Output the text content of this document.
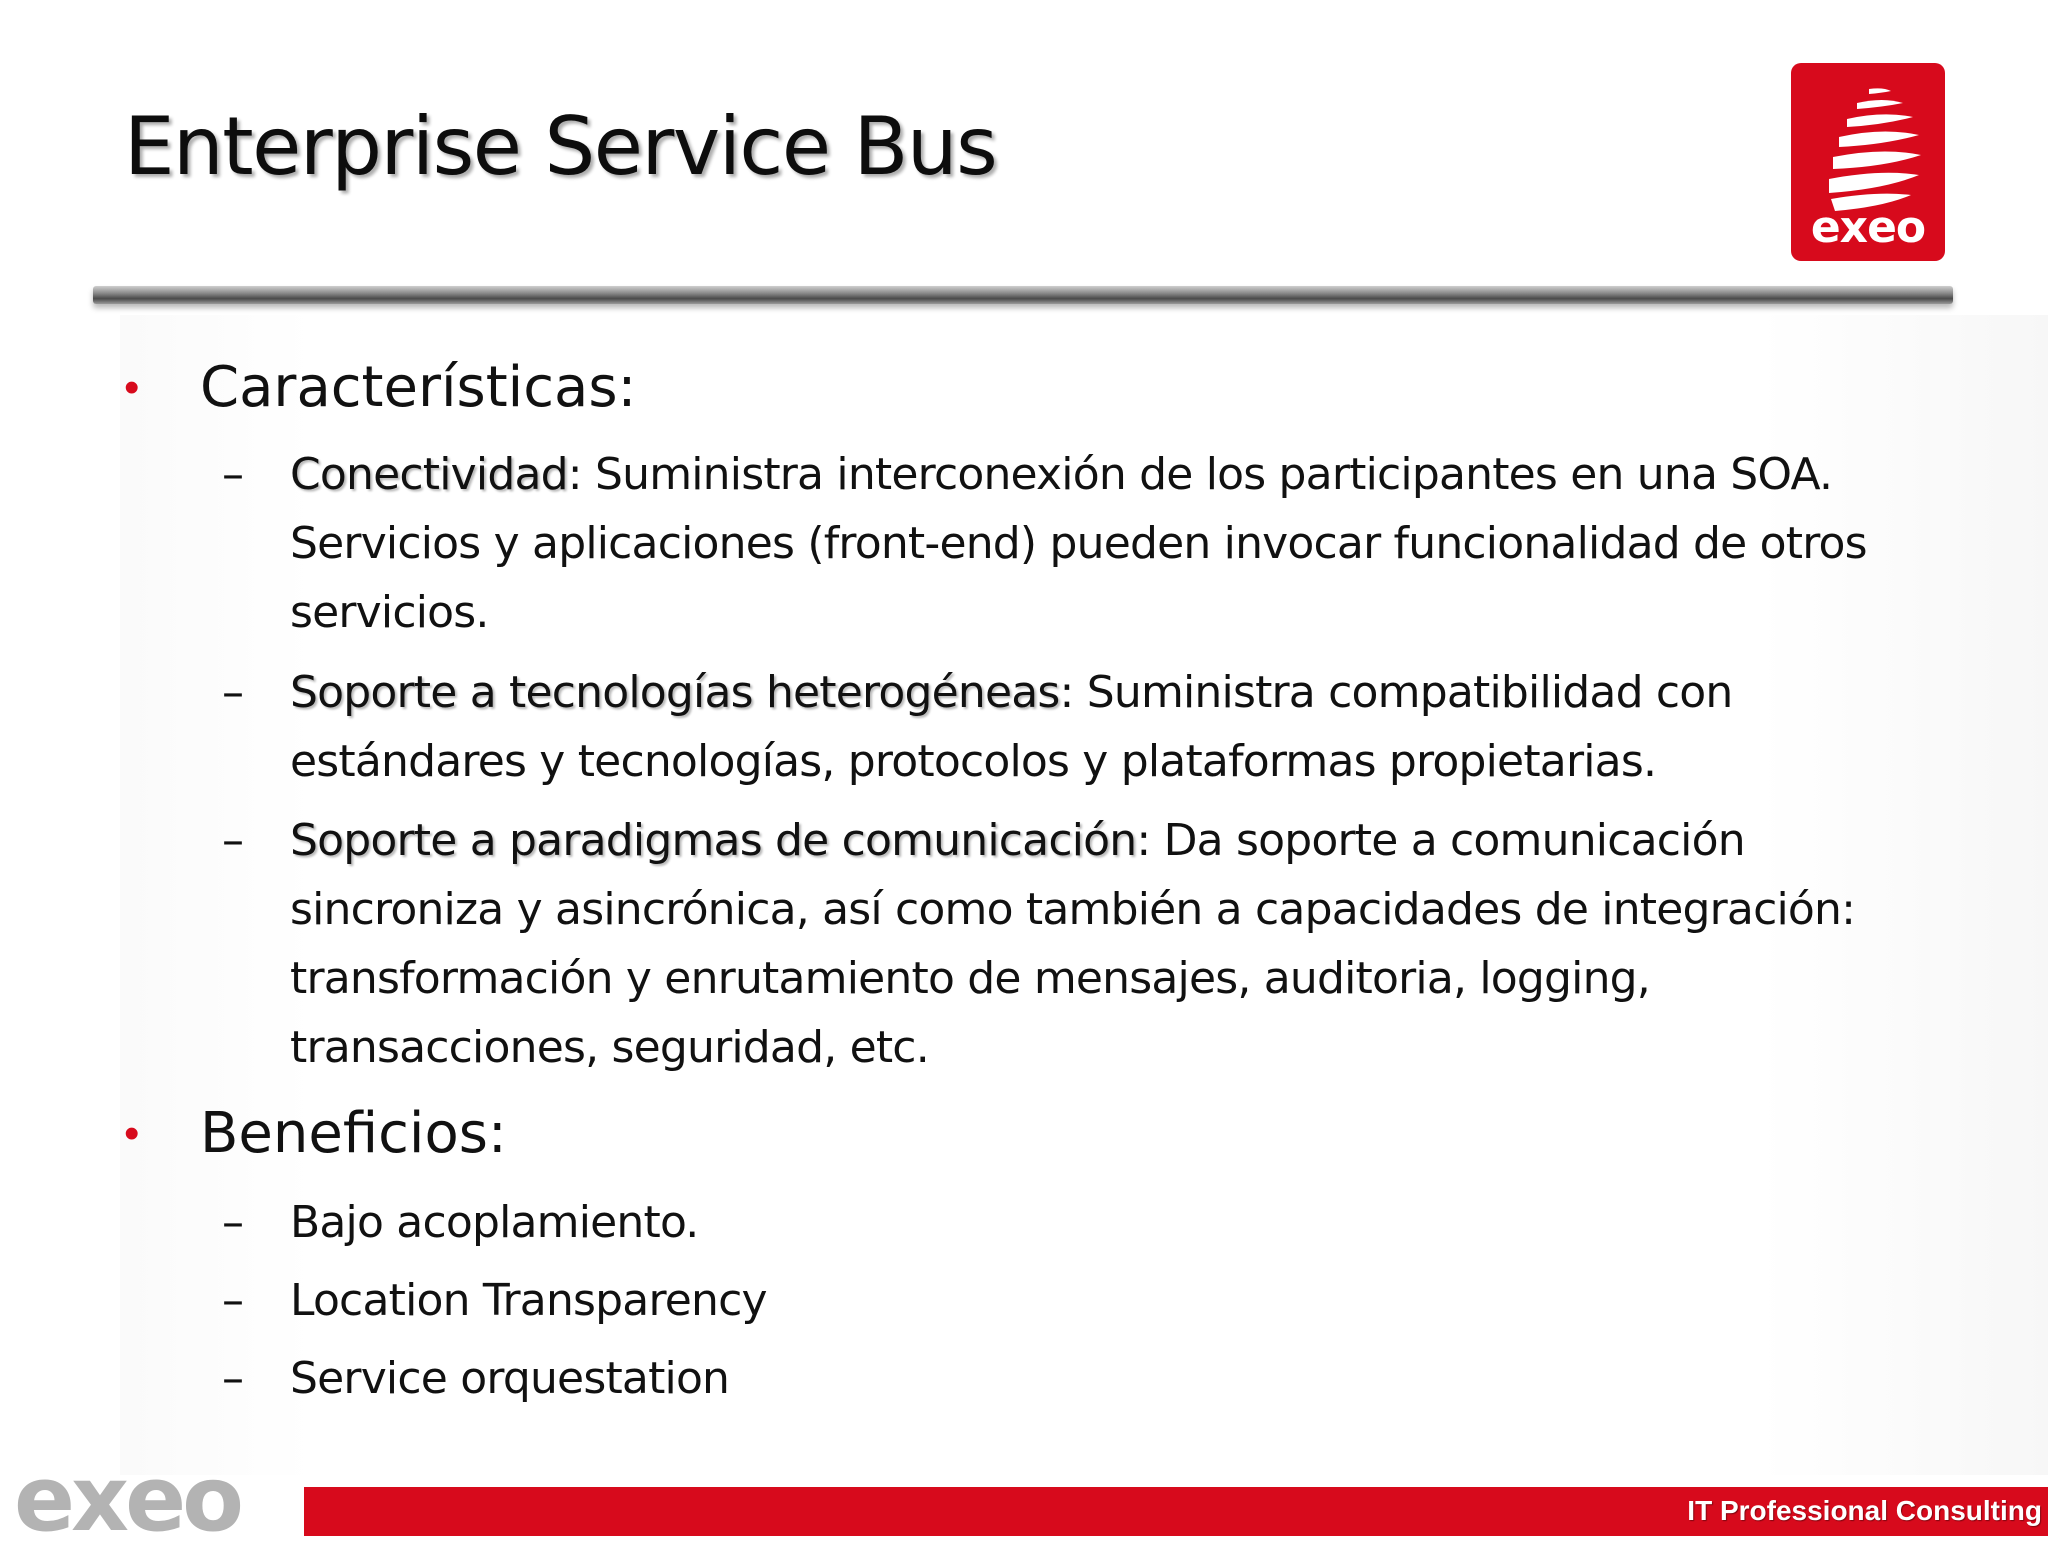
Enterprise Service Bus
exeo
• Características:

– Conectividad: Suministra interconexión de los participantes en una SOA. Servicios y aplicaciones (front-end) pueden invocar funcionalidad de otros servicios.

– Soporte a tecnologías heterogéneas: Suministra compatibilidad con estándares y tecnologías, protocolos y plataformas propietarias.

– Soporte a paradigmas de comunicación: Da soporte a comunicación sincroniza y asincrónica, así como también a capacidades de integración: transformación y enrutamiento de mensajes, auditoria, logging, transacciones, seguridad, etc.

• Beneficios:

– Bajo acoplamiento.

– Location Transparency

– Service orquestation

exeo	IT Professional Consulting
